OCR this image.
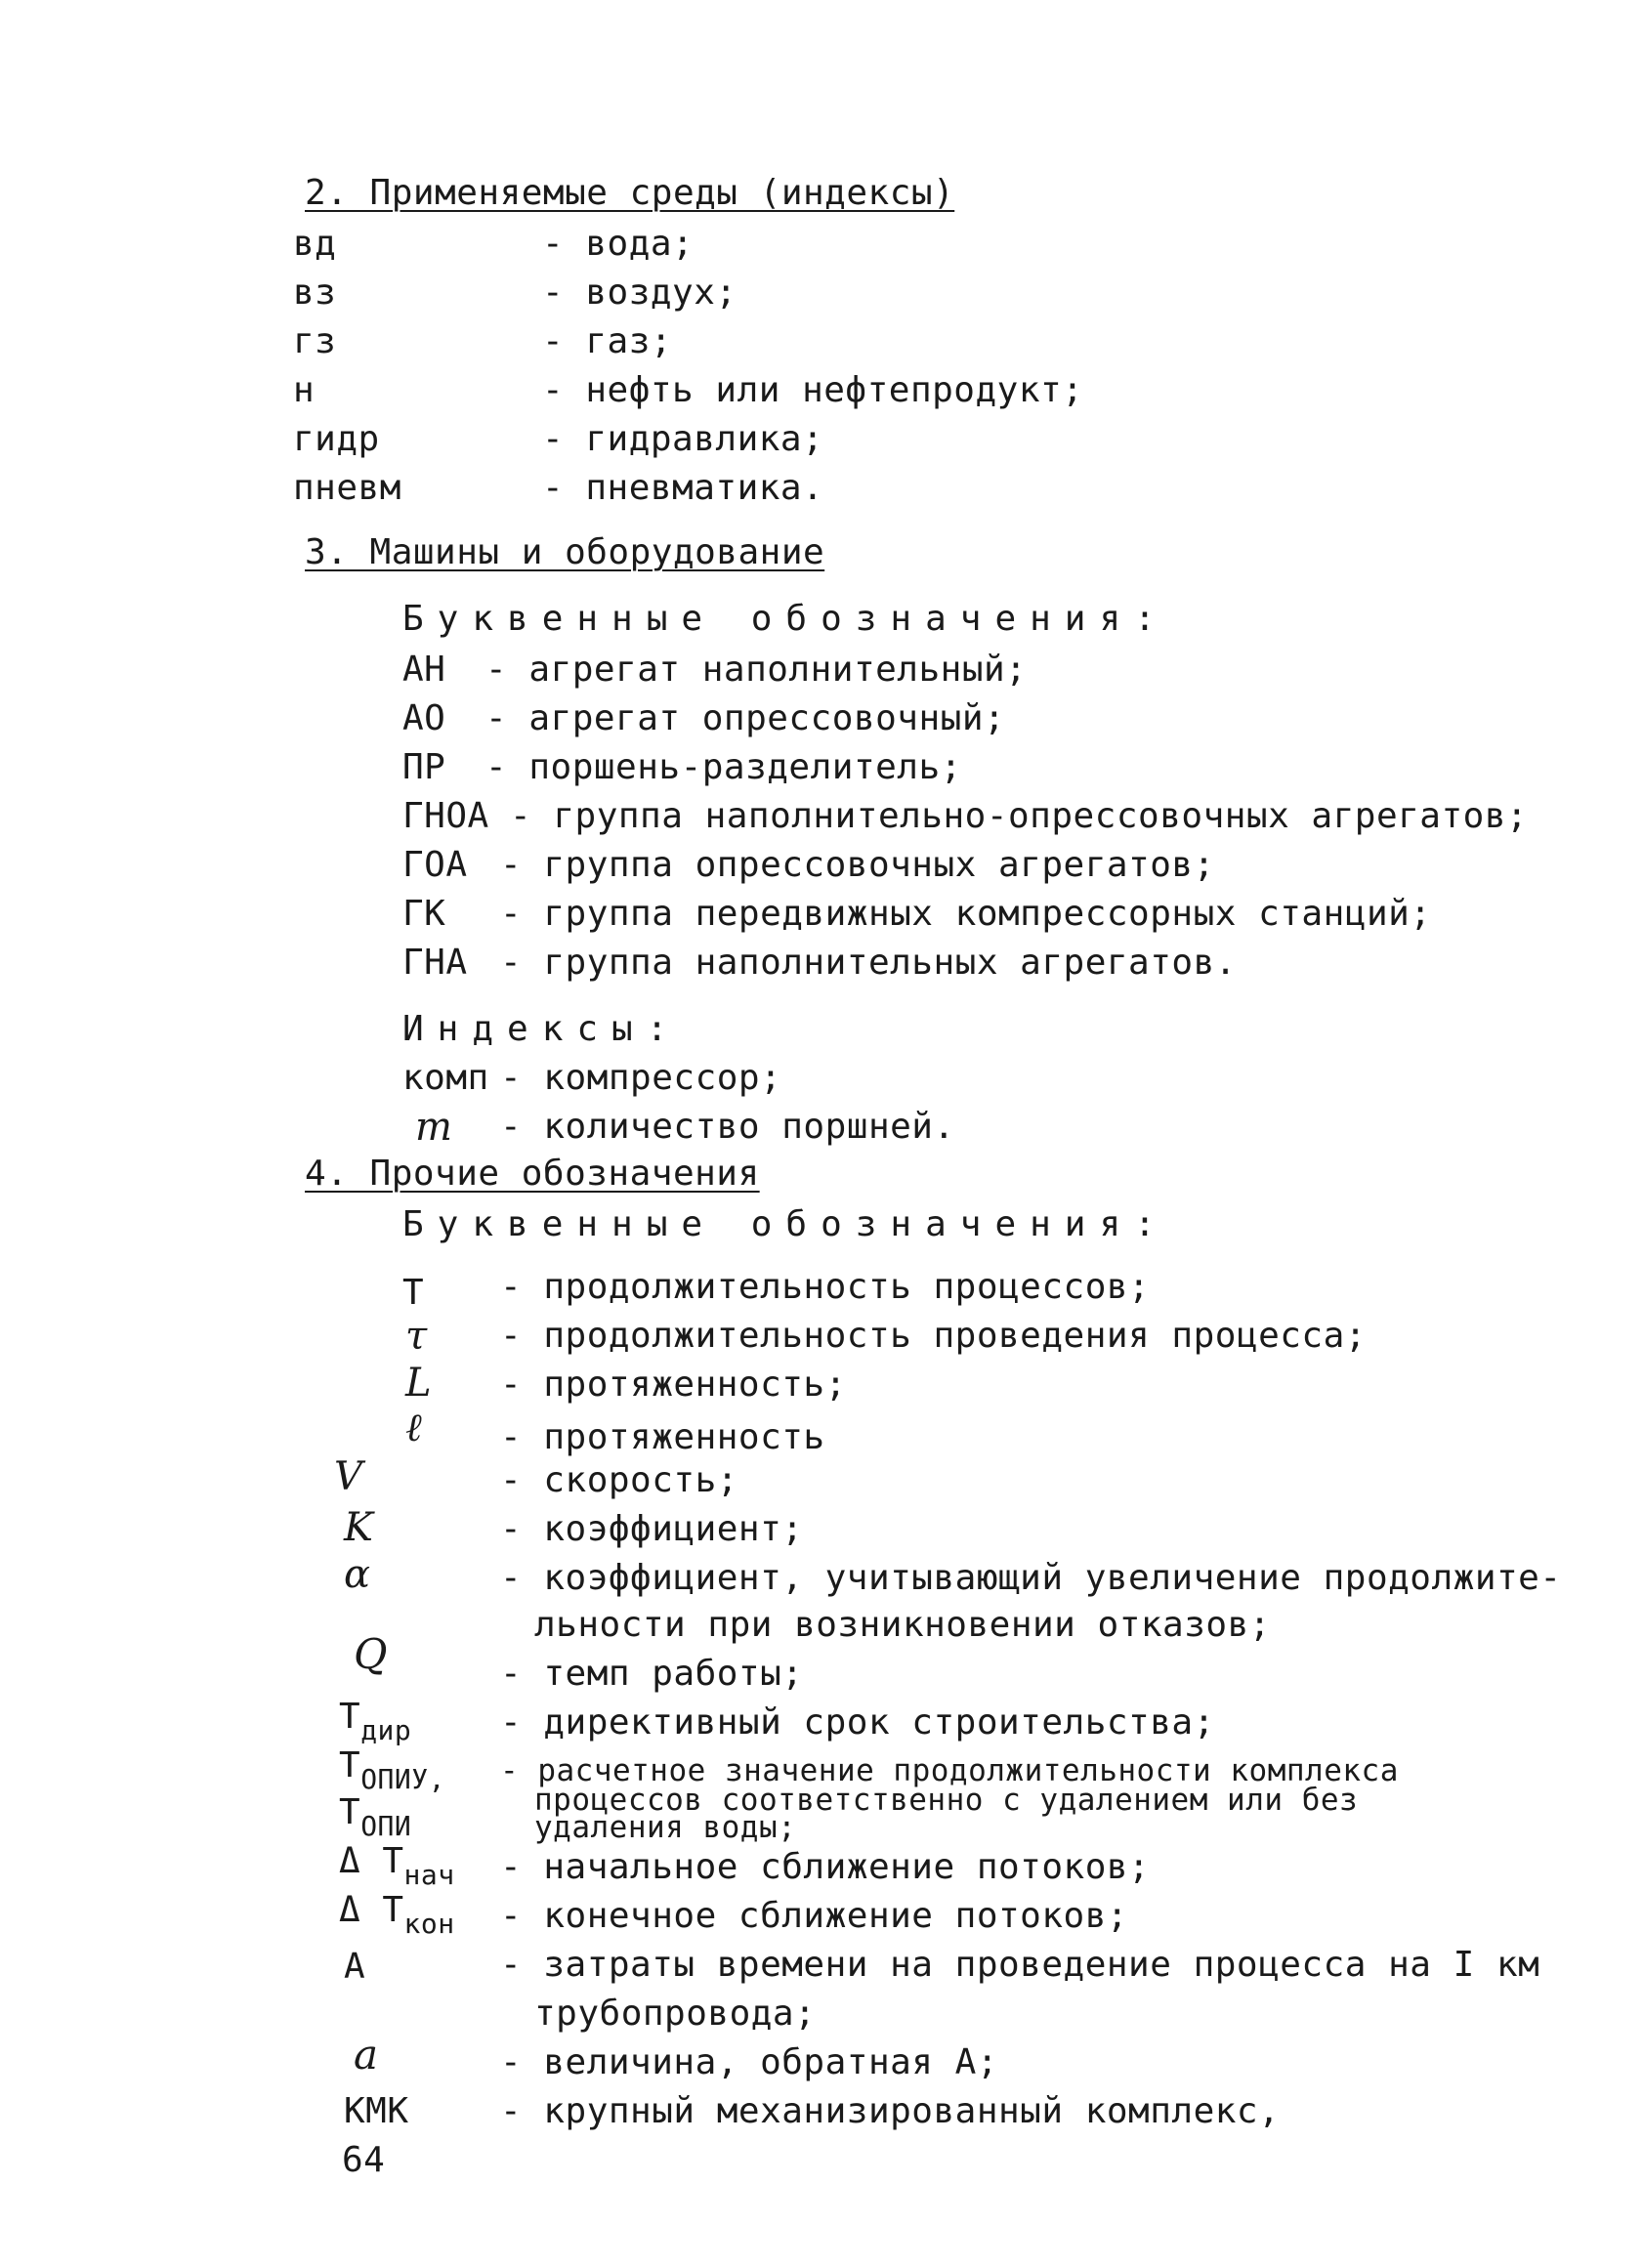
2. Применяемые среды (индексы)
вд	- вода;
вз	- воздух;
гз	- газ;
н	- нефть или нефтепродукт;
гидр	- гидравлика;
пневм	- пневматика.
3. Машины и оборудование
Буквенные обозначения:
АН - агрегат наполнительный;
АО - агрегат опрессовочный;
ПР - поршень-разделитель;
ГНОА - группа наполнительно-опрессовочных агрегатов;
ГОА - группа опрессовочных агрегатов;
ГК - группа передвижных компрессорных станций;
ГНА - группа наполнительных агрегатов.
Индексы:
комп - компрессор;
m - количество поршней.
4. Прочие обозначения
Буквенные обозначения:
Т - продолжительность процессов;
τ - продолжительность проведения процесса;
L - протяженность;
ℓ - протяженность
V	- скорость;
K	- коэффициент;
α	- коэффициент, учитывающий увеличение продолжите-
льности при возникновении отказов;
Q	- темп работы;
$Т_{дир}$	- директивный срок строительства;
$Т_{ОПИУ,}$
$Т_{ОПИ}$
- расчетное значение продолжительности комплекса
процессов соответственно с удалением или без
удаления воды;
Δ $Т_{нач}$ - начальное сближение потоков;
Δ $Т_{кон}$ - конечное сближение потоков;
А	- затраты времени на проведение процесса на I км
трубопровода;
a	- величина, обратная А;
КМК	- крупный механизированный комплекс,
64
